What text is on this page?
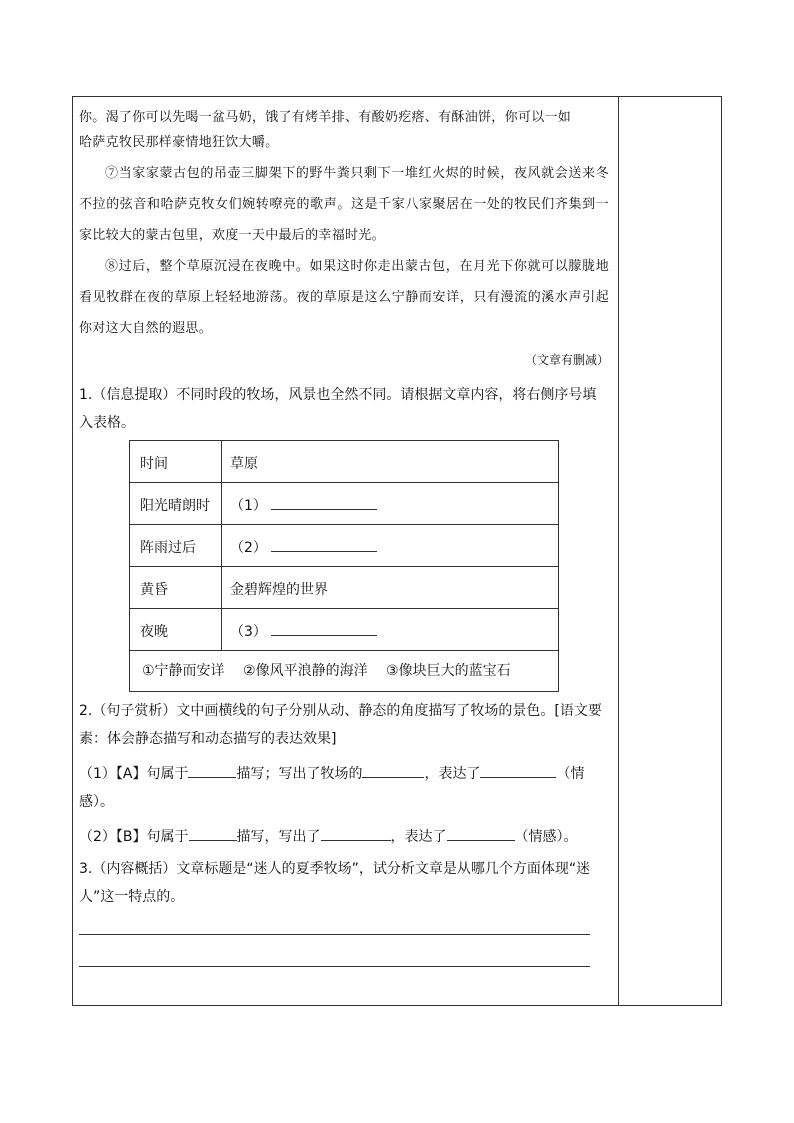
你。渴了你可以先喝一盆马奶，饿了有烤羊排、有酸奶疙瘩、有酥油饼，你可以一如

哈萨克牧民那样豪情地狂饮大嚼。

⑦当家家蒙古包的吊壶三脚架下的野牛粪只剩下一堆红火烬的时候，夜风就会送来冬不拉的弦音和哈萨克牧女们婉转嘹亮的歌声。这是千家八家聚居在一处的牧民们齐集到一家比较大的蒙古包里，欢度一天中最后的幸福时光。

⑧过后，整个草原沉浸在夜晚中。如果这时你走出蒙古包，在月光下你就可以朦胧地看见牧群在夜的草原上轻轻地游荡。夜的草原是这么宁静而安详，只有漫流的溪水声引起你对这大自然的遐思。

（文章有删减）

1.（信息提取）不同时段的牧场，风景也全然不同。请根据文章内容，将右侧序号填入表格。

时间	草原
阳光晴朗时 （1）
阵雨过后 （2）
黄昏	金碧辉煌的世界
夜晚	（3）
①宁静而安详 ②像风平浪静的海洋 ③像块巨大的蓝宝石

2.（句子赏析）文中画横线的句子分别从动、静态的角度描写了牧场的景色。[语文要素：体会静态描写和动态描写的表达效果]

（1）【A】句属于	描写；写出了牧场的	，表达了	（情感）。

（2）【B】句属于	描写，写出了	，表达了	（情感）。

3.（内容概括）文章标题是“迷人的夏季牧场”，试分析文章是从哪几个方面体现“迷人”这一特点的。
